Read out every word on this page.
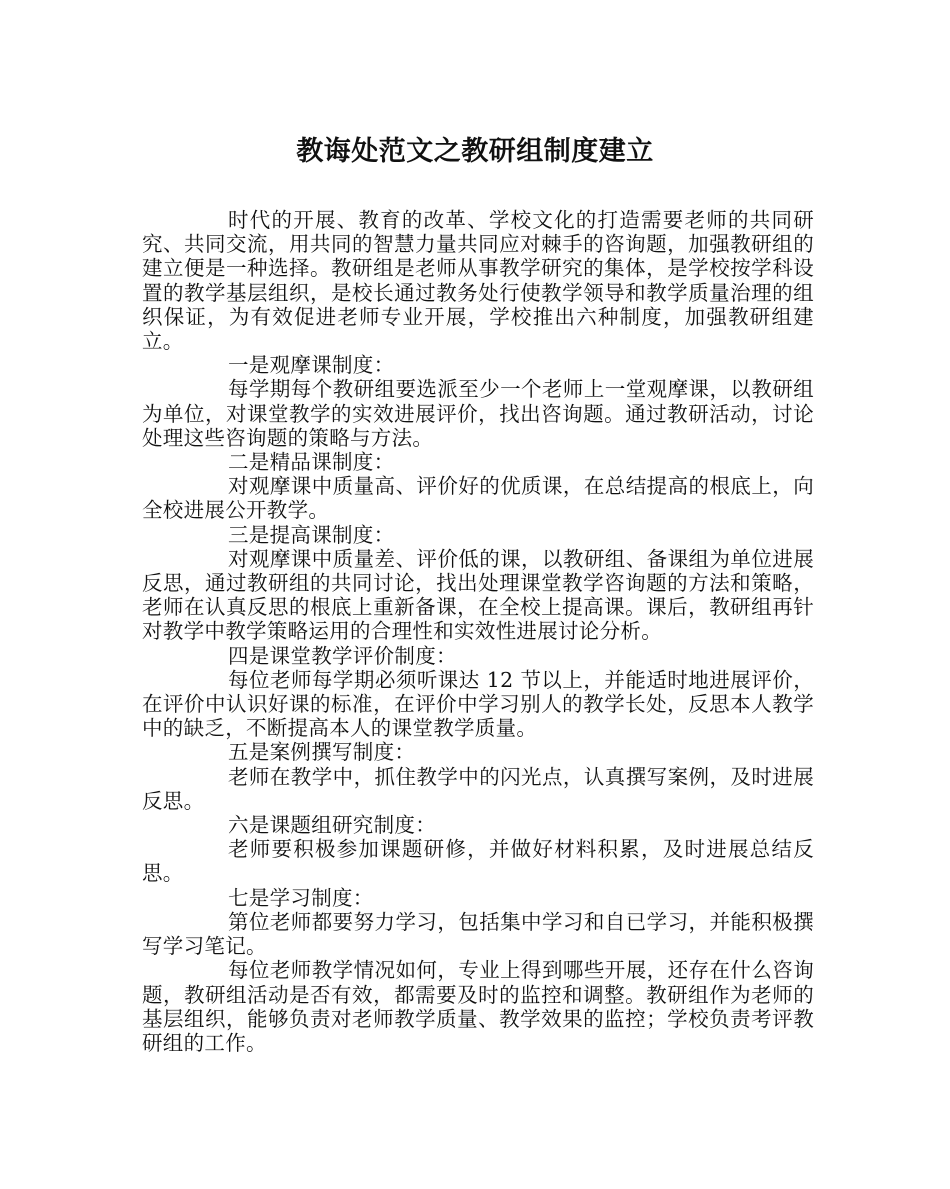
教诲处范文之教研组制度建立

时代的开展、教育的改革、学校文化的打造需要老师的共同研究、共同交流，用共同的智慧力量共同应对棘手的咨询题，加强教研组的建立便是一种选择。教研组是老师从事教学研究的集体，是学校按学科设置的教学基层组织，是校长通过教务处行使教学领导和教学质量治理的组织保证，为有效促进老师专业开展，学校推出六种制度，加强教研组建立。

一是观摩课制度：

每学期每个教研组要选派至少一个老师上一堂观摩课，以教研组为单位，对课堂教学的实效进展评价，找出咨询题。通过教研活动，讨论处理这些咨询题的策略与方法。

二是精品课制度：

对观摩课中质量高、评价好的优质课，在总结提高的根底上，向全校进展公开教学。

三是提高课制度：

对观摩课中质量差、评价低的课，以教研组、备课组为单位进展反思，通过教研组的共同讨论，找出处理课堂教学咨询题的方法和策略，老师在认真反思的根底上重新备课，在全校上提高课。课后，教研组再针对教学中教学策略运用的合理性和实效性进展讨论分析。

四是课堂教学评价制度：

每位老师每学期必须听课达 12 节以上，并能适时地进展评价，在评价中认识好课的标准，在评价中学习别人的教学长处，反思本人教学中的缺乏，不断提高本人的课堂教学质量。

五是案例撰写制度：

老师在教学中，抓住教学中的闪光点，认真撰写案例，及时进展反思。

六是课题组研究制度：

老师要积极参加课题研修，并做好材料积累，及时进展总结反思。

七是学习制度：

第位老师都要努力学习，包括集中学习和自已学习，并能积极撰写学习笔记。

每位老师教学情况如何，专业上得到哪些开展，还存在什么咨询题，教研组活动是否有效，都需要及时的监控和调整。教研组作为老师的基层组织，能够负责对老师教学质量、教学效果的监控；学校负责考评教研组的工作。
